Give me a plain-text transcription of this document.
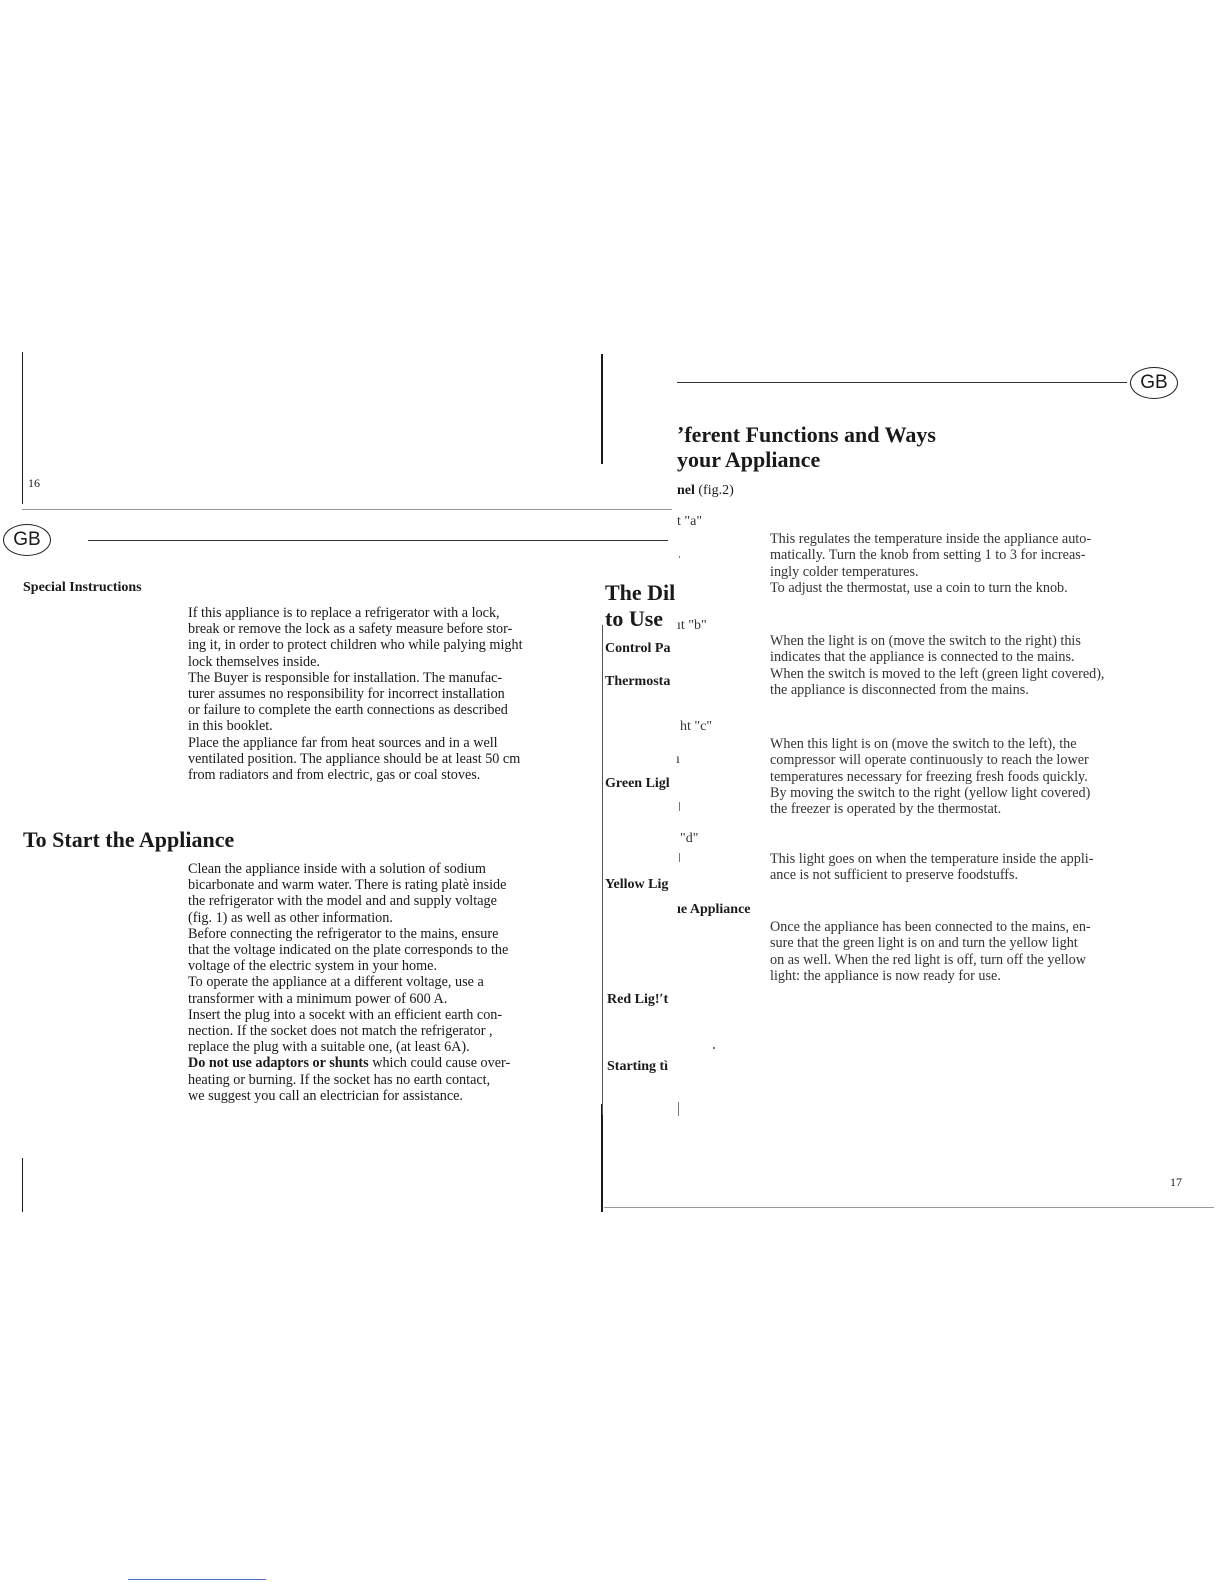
16
GB
Special Instructions

If this appliance is to replace a refrigerator with a lock,

break or remove the lock as a safety measure before stor-

ing it, in order to protect children who while palying might

lock themselves inside.

The Buyer is responsible for installation. The manufac-

turer assumes no responsibility for incorrect installation

or failure to complete the earth connections as described

in this booklet.

Place the appliance far from heat sources and in a well

ventilated position. The appliance should be at least 50 cm

from radiators and from electric, gas or coal stoves.

To Start the Appliance

Clean the appliance inside with a solution of sodium

bicarbonate and warm water. There is rating platè inside

the refrigerator with the model and and supply voltage

(fig. 1) as well as other information.

Before connecting the refrigerator to the mains, ensure

that the voltage indicated on the plate corresponds to the

voltage of the electric system in your home.

To operate the appliance at a different voltage, use a

transformer with a minimum power of 600 A.

Insert the plug into a socekt with an efficient earth con-

nection. If the socket does not match the refrigerator ,

replace the plug with a suitable one, (at least 6A).

Do not use adaptors or shunts which could cause over-

heating or burning. If the socket has no earth contact,

we suggest you call an electrician for assistance.

The Dil
to Use
t "a"
ıt "b"
Control Pa
Thermosta
ht "c"
Green Ligl
"d"
Yellow Lig
ıe Appliance
Red Lig!ʹt
Starting tì
ı
GB
ʼferent Functions and Ways
your Appliance
nel (fig.2)

This regulates the temperature inside the appliance auto-

matically. Turn the knob from setting 1 to 3 for increas-

ingly colder temperatures.

To adjust the thermostat, use a coin to turn the knob.

When the light is on (move the switch to the right) this

indicates that the appliance is connected to the mains.

When the switch is moved to the left (green light covered),

the appliance is disconnected from the mains.

When this light is on (move the switch to the left), the

compressor will operate continuously to reach the lower

temperatures necessary for freezing fresh foods quickly.

By moving the switch to the right (yellow light covered)

the freezer is operated by the thermostat.

This light goes on when the temperature inside the appli-

ance is not sufficient to preserve foodstuffs.

Once the appliance has been connected to the mains, en-

sure that the green light is on and turn the yellow light

on as well. When the red light is off, turn off the yellow

light: the appliance is now ready for use.

17
